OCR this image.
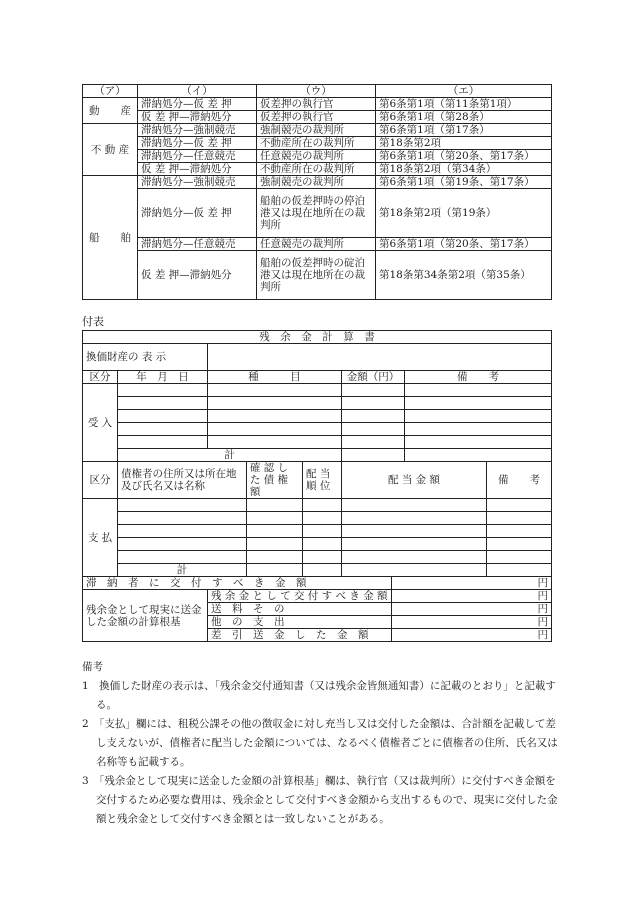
（ア）	（イ）	（ウ）	（エ）
動　　産	滞納処分—仮 差 押	仮差押の執行官	第6条第1項（第11条第1項）
	仮 差 押—滞納処分	仮差押の執行官	第6条第1項（第28条）
不 動 産	滞納処分—強制競売	強制競売の裁判所	第6条第1項（第17条）
	滞納処分—仮 差 押	不動産所在の裁判所	第18条第2項
	滞納処分—任意競売	任意競売の裁判所	第6条第1項（第20条、第17条）
	仮 差 押—滞納処分	不動産所在の裁判所	第18条第2項（第34条）
船　　舶	滞納処分—強制競売	強制競売の裁判所	第6条第1項（第19条、第17条）
	滞納処分—仮 差 押	船舶の仮差押時の停泊港又は現在地所在の裁判所	第18条第2項（第19条）
	滞納処分—任意競売	任意競売の裁判所	第6条第1項（第20条、第17条）
	仮 差 押—滞納処分	船舶の仮差押時の碇泊港又は現在地所在の裁判所	第18条第34条第2項（第35条）
付表
残　余　金　計　算　書								
換価財産の 表 示								
区分	年　月　日	種　　　目			金額（円）		備　　考	
受 入								

	計							
区分	債権者の住所又は所在地及び氏名又は名称		確 認 し た 債 権 額	配 当 順 位	配 当 金 額			備　　考
支 払								

	計							
滞　納　者　に　交　付　す　べ　き　金　額						円		
残余金として現実に送金した金額の計算根基		残 余 金 と し て 交 付 す べ き 金 額				円		
		送　料　そ　の				円		
		他　の　支　出				円		
		差　引　送　金　し　た　金　額				円		

備考

1　換価した財産の表示は、「残余金交付通知書（又は残余金皆無通知書）に記載のとおり」と記載する。

2　「支払」欄には、租税公課その他の徴収金に対し充当し又は交付した金額は、合計額を記載して差し支えないが、債権者に配当した金額については、なるべく債権者ごとに債権者の住所、氏名又は名称等も記載する。

3　「残余金として現実に送金した金額の計算根基」欄は、執行官（又は裁判所）に交付すべき金額を交付するため必要な費用は、残余金として交付すべき金額から支出するもので、現実に交付した金額と残余金として交付すべき金額とは一致しないことがある。
